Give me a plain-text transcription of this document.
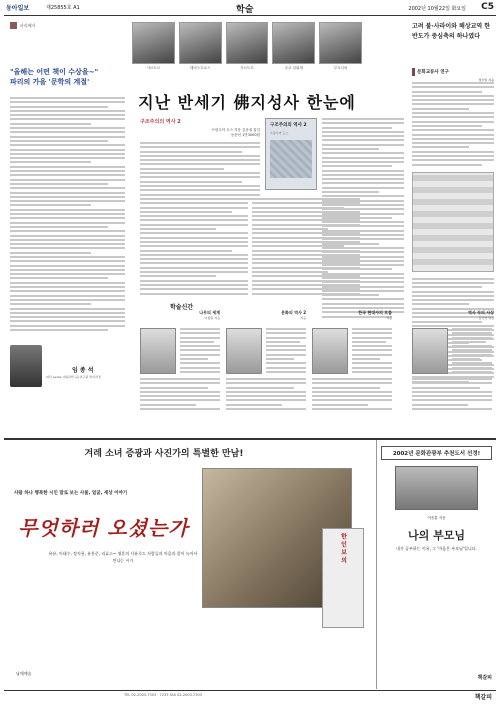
동아일보	제25855호 A1	학술	2002년 10월22일 화요일 C5
파리에서
"올해는 어떤 책이 수상을~"
파리의 가을 '문학의 계절'
임 종 석
파리 Leslie 사회과학고등연구원 박사과정
사르트르	레비스트로스	사르트르	푸코 알튀세	부르디외
지난 반세기 佛지성사 한눈에
구조주의의 역사 2
프랑수아 도스 지음 김웅권 옮김
동문선 1만3000원
구조주의의 역사 2
프랑수아 도스
고려 불·사라이와 해상교역 한반도가 중심축의 하나였다
문화교류사 연구
정수일 지음
학술신간
나무의 세계
이종원 지음
문화의 역사 2
지음
한국 현대사의 흐름
지음
역사 속의 사상
김진영 엮음
겨레 소녀 증광과 사진가의 특별한 만남!
사람 하나 행복한 시인 말로 보는 사물, 얼굴, 세상 이야기
무엇하러 오셨는가
유유, 이태수, 정지용, 유홍준, 리효스~ 영혼의 사유로드 사람들의 마음과 잘이 녹아서 만나는 시가	한 인 보 의
남매예술
2002년 문화관광부 추천도서 선정!
이종훈 지음
나의 부모님
내가 공부하는 이유, 그 '마음은 부모님'입니다.
책갈피
TEL 02-2003-7303 · 7233 FAX 02-2003-7303	책갈피
